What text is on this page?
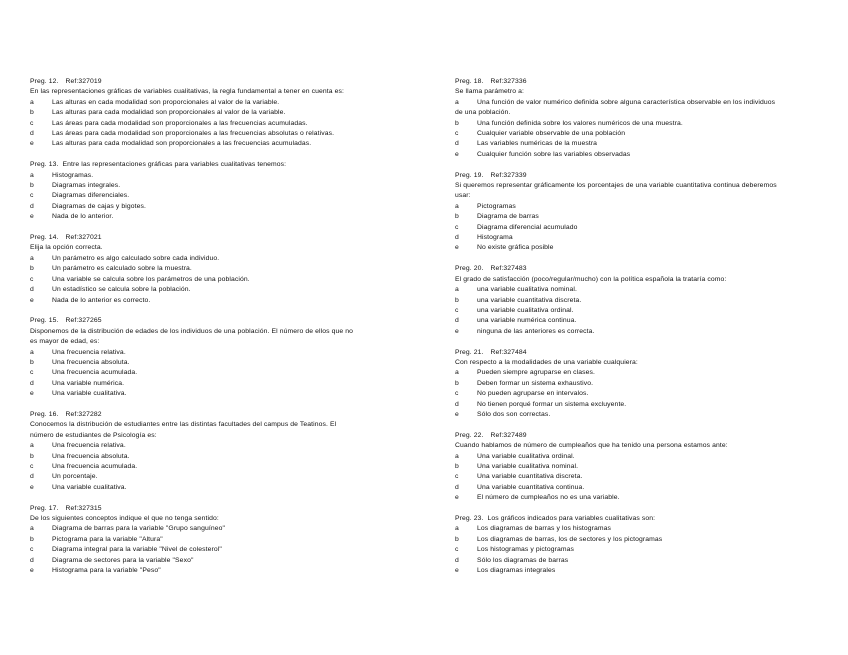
Preg. 12. Ref:327019
En las representaciones gráficas de variables cualitativas, la regla fundamental a tener en cuenta es:
a	Las alturas en cada modalidad son proporcionales al valor de la variable.
b	Las alturas para cada modalidad son proporcionales al valor de la variable.
c	Las áreas para cada modalidad son proporcionales a las frecuencias acumuladas.
d	Las áreas para cada modalidad son proporcionales a las frecuencias absolutas o relativas.
e	Las alturas para cada modalidad son proporcionales a las frecuencias acumuladas.
Preg. 13. Entre las representaciones gráficas para variables cualitativas tenemos:
a	Histogramas.
b	Diagramas integrales.
c	Diagramas diferenciales.
d	Diagramas de cajas y bigotes.
e	Nada de lo anterior.
Preg. 14. Ref:327021
Elija la opción correcta.
a	Un parámetro es algo calculado sobre cada individuo.
b	Un parámetro es calculado sobre la muestra.
c	Una variable se calcula sobre los parámetros de una población.
d	Un estadístico se calcula sobre la población.
e	Nada de lo anterior es correcto.
Preg. 15. Ref:327265
Disponemos de la distribución de edades de los individuos de una población. El número de ellos que no
es mayor de edad, es:
a	Una frecuencia relativa.
b	Una frecuencia absoluta.
c	Una frecuencia acumulada.
d	Una variable numérica.
e	Una variable cualitativa.
Preg. 16. Ref:327282
Conocemos la distribución de estudiantes entre las distintas facultades del campus de Teatinos. El
número de estudiantes de Psicología es:
a	Una frecuencia relativa.
b	Una frecuencia absoluta.
c	Una frecuencia acumulada.
d	Un porcentaje.
e	Una variable cualitativa.
Preg. 17. Ref:327315
De los siguientes conceptos indique el que no tenga sentido:
a	Diagrama de barras para la variable "Grupo sanguíneo"
b	Pictograma para la variable "Altura"
c	Diagrama integral para la variable "Nivel de colesterol"
d	Diagrama de sectores para la variable "Sexo"
e	Histograma para la variable "Peso"
Preg. 18. Ref:327336
Se llama parámetro a:
a	Una función de valor numérico definida sobre alguna característica observable en los individuos
de una población.
b	Una función definida sobre los valores numéricos de una muestra.
c	Cualquier variable observable de una población
d	Las variables numéricas de la muestra
e	Cualquier función sobre las variables observadas
Preg. 19. Ref:327339
Si queremos representar gráficamente los porcentajes de una variable cuantitativa continua deberemos
usar:
a	Pictogramas
b	Diagrama de barras
c	Diagrama diferencial acumulado
d	Histograma
e	No existe gráfica posible
Preg. 20. Ref:327483
El grado de satisfacción (poco/regular/mucho) con la política española la trataría como:
a	una variable cualitativa nominal.
b	una variable cuantitativa discreta.
c	una variable cualitativa ordinal.
d	una variable numérica continua.
e	ninguna de las anteriores es correcta.
Preg. 21. Ref:327484
Con respecto a la modalidades de una variable cualquiera:
a	Pueden siempre agruparse en clases.
b	Deben formar un sistema exhaustivo.
c	No pueden agruparse en intervalos.
d	No tienen porqué formar un sistema excluyente.
e	Sólo dos son correctas.
Preg. 22. Ref:327489
Cuando hablamos de número de cumpleaños que ha tenido una persona estamos ante:
a	Una variable cualitativa ordinal.
b	Una variable cualitativa nominal.
c	Una variable cuantitativa discreta.
d	Una variable cuantitativa continua.
e	El número de cumpleaños no es una variable.
Preg. 23. Los gráficos indicados para variables cualitativas son:
a	Los diagramas de barras y los histogramas
b	Los diagramas de barras, los de sectores y los pictogramas
c	Los histogramas y pictogramas
d	Sólo los diagramas de barras
e	Los diagramas integrales
